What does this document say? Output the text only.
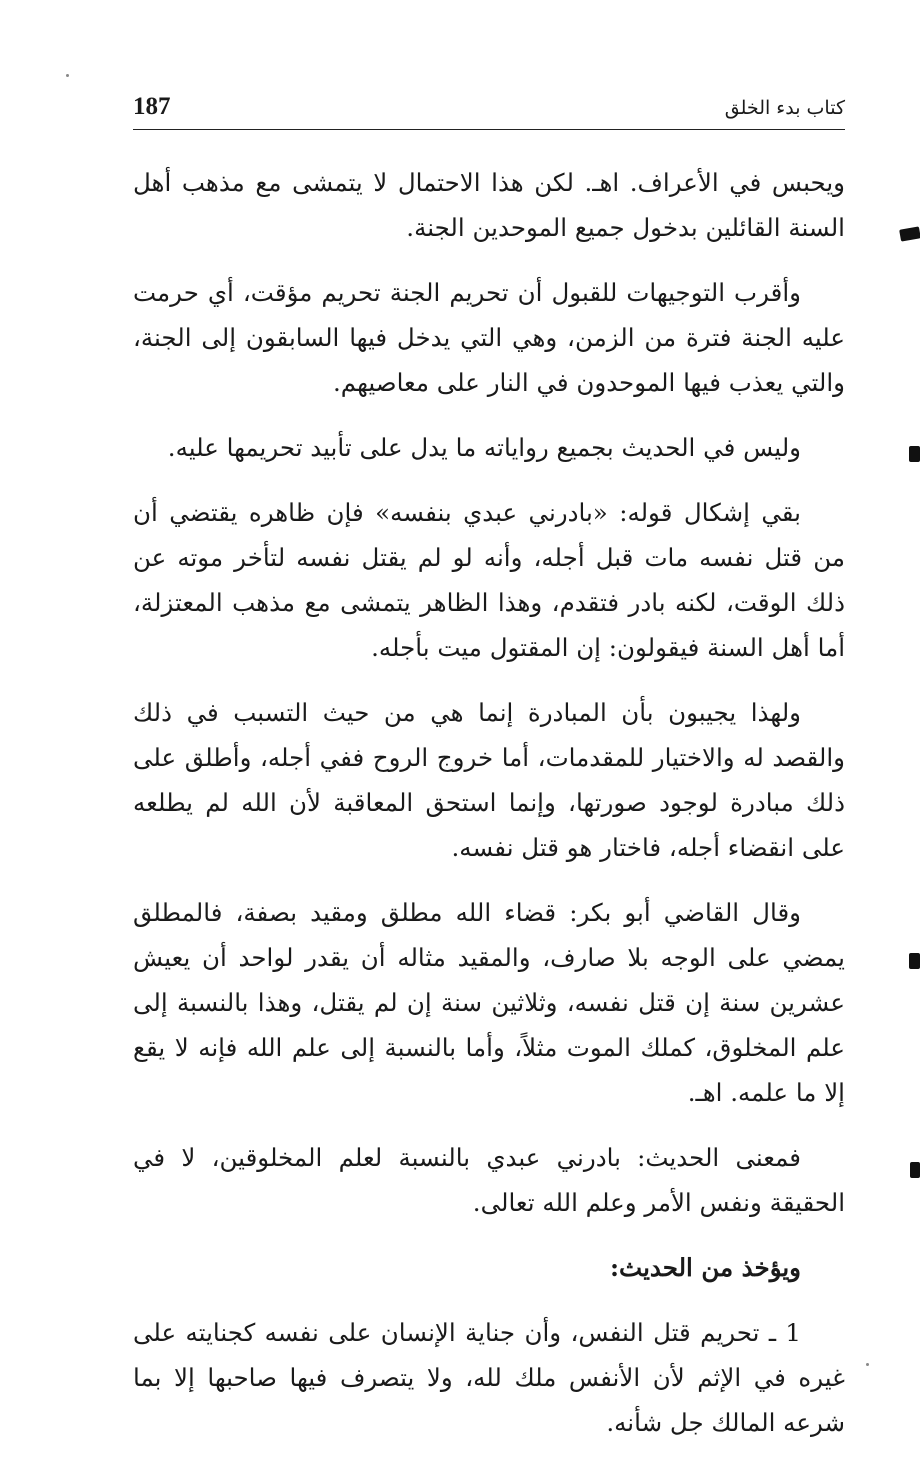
187	كتاب بدء الخلق

ويحبس في الأعراف. اهـ. لكن هذا الاحتمال لا يتمشى مع مذهب أهل السنة القائلين بدخول جميع الموحدين الجنة.

وأقرب التوجيهات للقبول أن تحريم الجنة تحريم مؤقت، أي حرمت عليه الجنة فترة من الزمن، وهي التي يدخل فيها السابقون إلى الجنة، والتي يعذب فيها الموحدون في النار على معاصيهم.

وليس في الحديث بجميع رواياته ما يدل على تأبيد تحريمها عليه.

بقي إشكال قوله: «بادرني عبدي بنفسه» فإن ظاهره يقتضي أن من قتل نفسه مات قبل أجله، وأنه لو لم يقتل نفسه لتأخر موته عن ذلك الوقت، لكنه بادر فتقدم، وهذا الظاهر يتمشى مع مذهب المعتزلة، أما أهل السنة فيقولون: إن المقتول ميت بأجله.

ولهذا يجيبون بأن المبادرة إنما هي من حيث التسبب في ذلك والقصد له والاختيار للمقدمات، أما خروج الروح ففي أجله، وأطلق على ذلك مبادرة لوجود صورتها، وإنما استحق المعاقبة لأن الله لم يطلعه على انقضاء أجله، فاختار هو قتل نفسه.

وقال القاضي أبو بكر: قضاء الله مطلق ومقيد بصفة، فالمطلق يمضي على الوجه بلا صارف، والمقيد مثاله أن يقدر لواحد أن يعيش عشرين سنة إن قتل نفسه، وثلاثين سنة إن لم يقتل، وهذا بالنسبة إلى علم المخلوق، كملك الموت مثلاً، وأما بالنسبة إلى علم الله فإنه لا يقع إلا ما علمه. اهـ.

فمعنى الحديث: بادرني عبدي بالنسبة لعلم المخلوقين، لا في الحقيقة ونفس الأمر وعلم الله تعالى.

ويؤخذ من الحديث:

1 ـ تحريم قتل النفس، وأن جناية الإنسان على نفسه كجنايته على غيره في الإثم لأن الأنفس ملك لله، ولا يتصرف فيها صاحبها إلا بما شرعه المالك جل شأنه.
